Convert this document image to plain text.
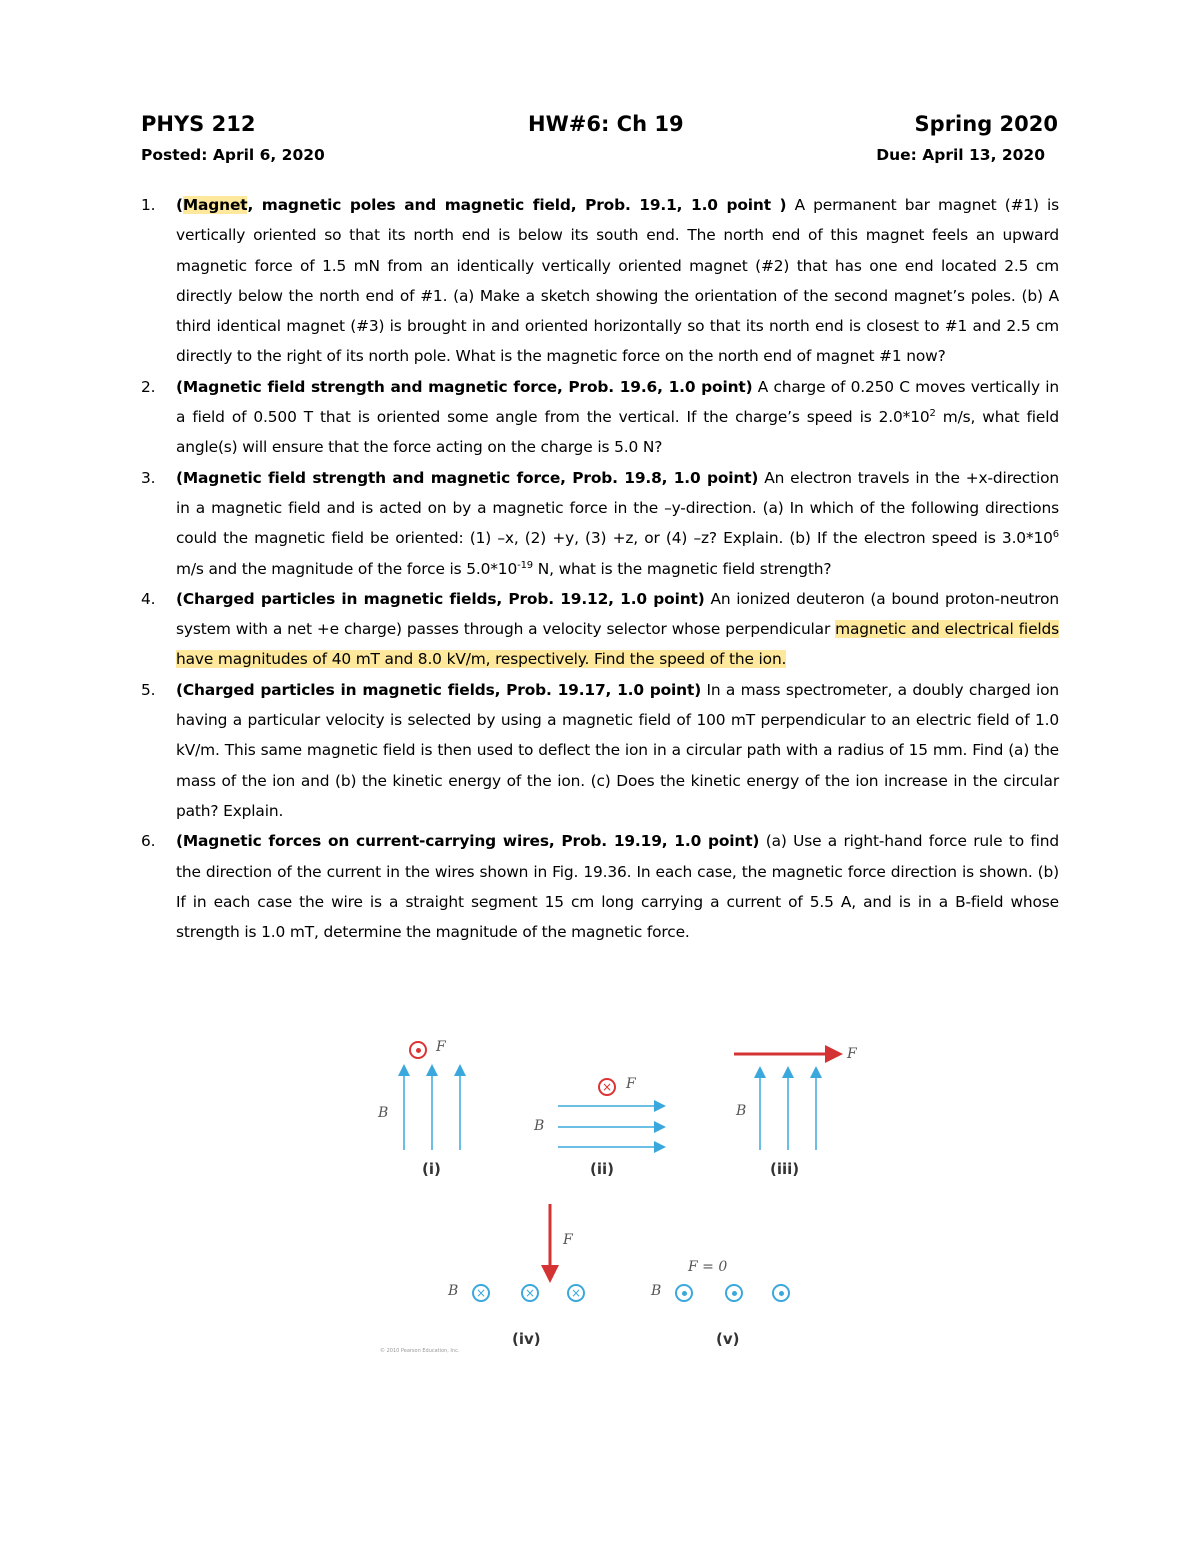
PHYS 212	HW#6: Ch 19	Spring 2020
Posted: April 6, 2020	Due: April 13, 2020
1. (Magnet, magnetic poles and magnetic field, Prob. 19.1, 1.0 point ) A permanent bar magnet (#1) is vertically oriented so that its north end is below its south end. The north end of this magnet feels an upward magnetic force of 1.5 mN from an identically vertically oriented magnet (#2) that has one end located 2.5 cm directly below the north end of #1. (a) Make a sketch showing the orientation of the second magnet’s poles. (b) A third identical magnet (#3) is brought in and oriented horizontally so that its north end is closest to #1 and 2.5 cm directly to the right of its north pole. What is the magnetic force on the north end of magnet #1 now?
2. (Magnetic field strength and magnetic force, Prob. 19.6, 1.0 point) A charge of 0.250 C moves vertically in a field of 0.500 T that is oriented some angle from the vertical. If the charge’s speed is $2.0*10^2$ m/s, what field angle(s) will ensure that the force acting on the charge is 5.0 N?
3. (Magnetic field strength and magnetic force, Prob. 19.8, 1.0 point) An electron travels in the +x-direction in a magnetic field and is acted on by a magnetic force in the –y-direction. (a) In which of the following directions could the magnetic field be oriented: (1) –x, (2) +y, (3) +z, or (4) –z? Explain. (b) If the electron speed is $3.0*10^6$ m/s and the magnitude of the force is $5.0*10^{-19}$ N, what is the magnetic field strength?
4. (Charged particles in magnetic fields, Prob. 19.12, 1.0 point) An ionized deuteron (a bound proton-neutron system with a net +e charge) passes through a velocity selector whose perpendicular magnetic and electrical fields have magnitudes of 40 mT and 8.0 kV/m, respectively. Find the speed of the ion.
5. (Charged particles in magnetic fields, Prob. 19.17, 1.0 point) In a mass spectrometer, a doubly charged ion having a particular velocity is selected by using a magnetic field of 100 mT perpendicular to an electric field of 1.0 kV/m. This same magnetic field is then used to deflect the ion in a circular path with a radius of 15 mm. Find (a) the mass of the ion and (b) the kinetic energy of the ion. (c) Does the kinetic energy of the ion increase in the circular path? Explain.
6. (Magnetic forces on current-carrying wires, Prob. 19.19, 1.0 point) (a) Use a right-hand force rule to find the direction of the current in the wires shown in Fig. 19.36. In each case, the magnetic force direction is shown. (b) If in each case the wire is a straight segment 15 cm long carrying a current of 5.5 A, and is in a B-field whose strength is 1.0 mT, determine the magnitude of the magnetic force.
F
B
(i)
× F
B
(ii)
F
B
(iii)
F
B	×	×	×
(iv)
F = 0
B
(v)
© 2010 Pearson Education, Inc.
